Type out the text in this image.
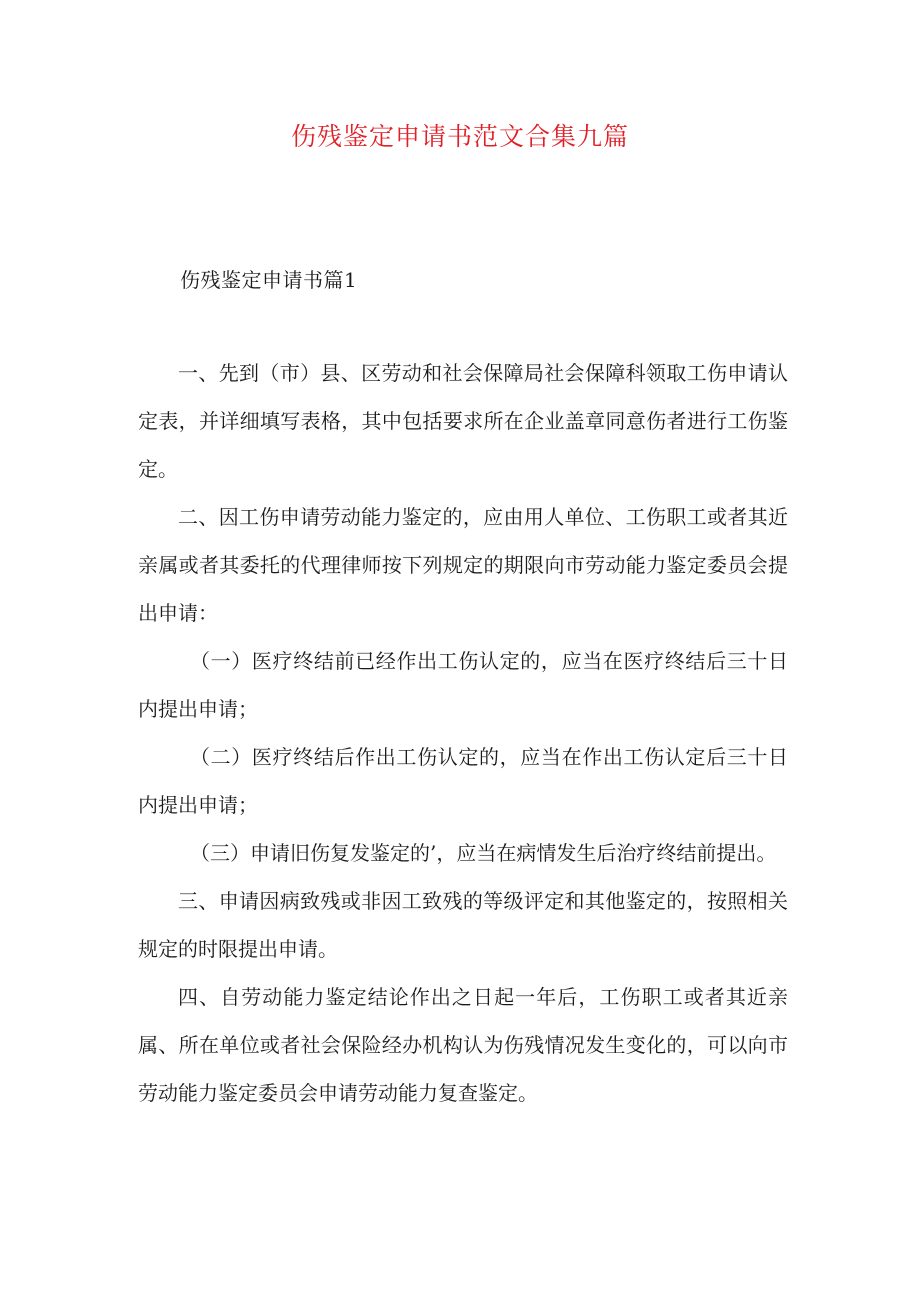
伤残鉴定申请书范文合集九篇
伤残鉴定申请书篇1

一、先到（市）县、区劳动和社会保障局社会保障科领取工伤申请认定表，并详细填写表格，其中包括要求所在企业盖章同意伤者进行工伤鉴定。

二、因工伤申请劳动能力鉴定的，应由用人单位、工伤职工或者其近亲属或者其委托的代理律师按下列规定的期限向市劳动能力鉴定委员会提出申请：

（一）医疗终结前已经作出工伤认定的，应当在医疗终结后三十日内提出申请；

（二）医疗终结后作出工伤认定的，应当在作出工伤认定后三十日内提出申请；

（三）申请旧伤复发鉴定的’，应当在病情发生后治疗终结前提出。

三、申请因病致残或非因工致残的等级评定和其他鉴定的，按照相关规定的时限提出申请。

四、自劳动能力鉴定结论作出之日起一年后，工伤职工或者其近亲属、所在单位或者社会保险经办机构认为伤残情况发生变化的，可以向市劳动能力鉴定委员会申请劳动能力复查鉴定。
